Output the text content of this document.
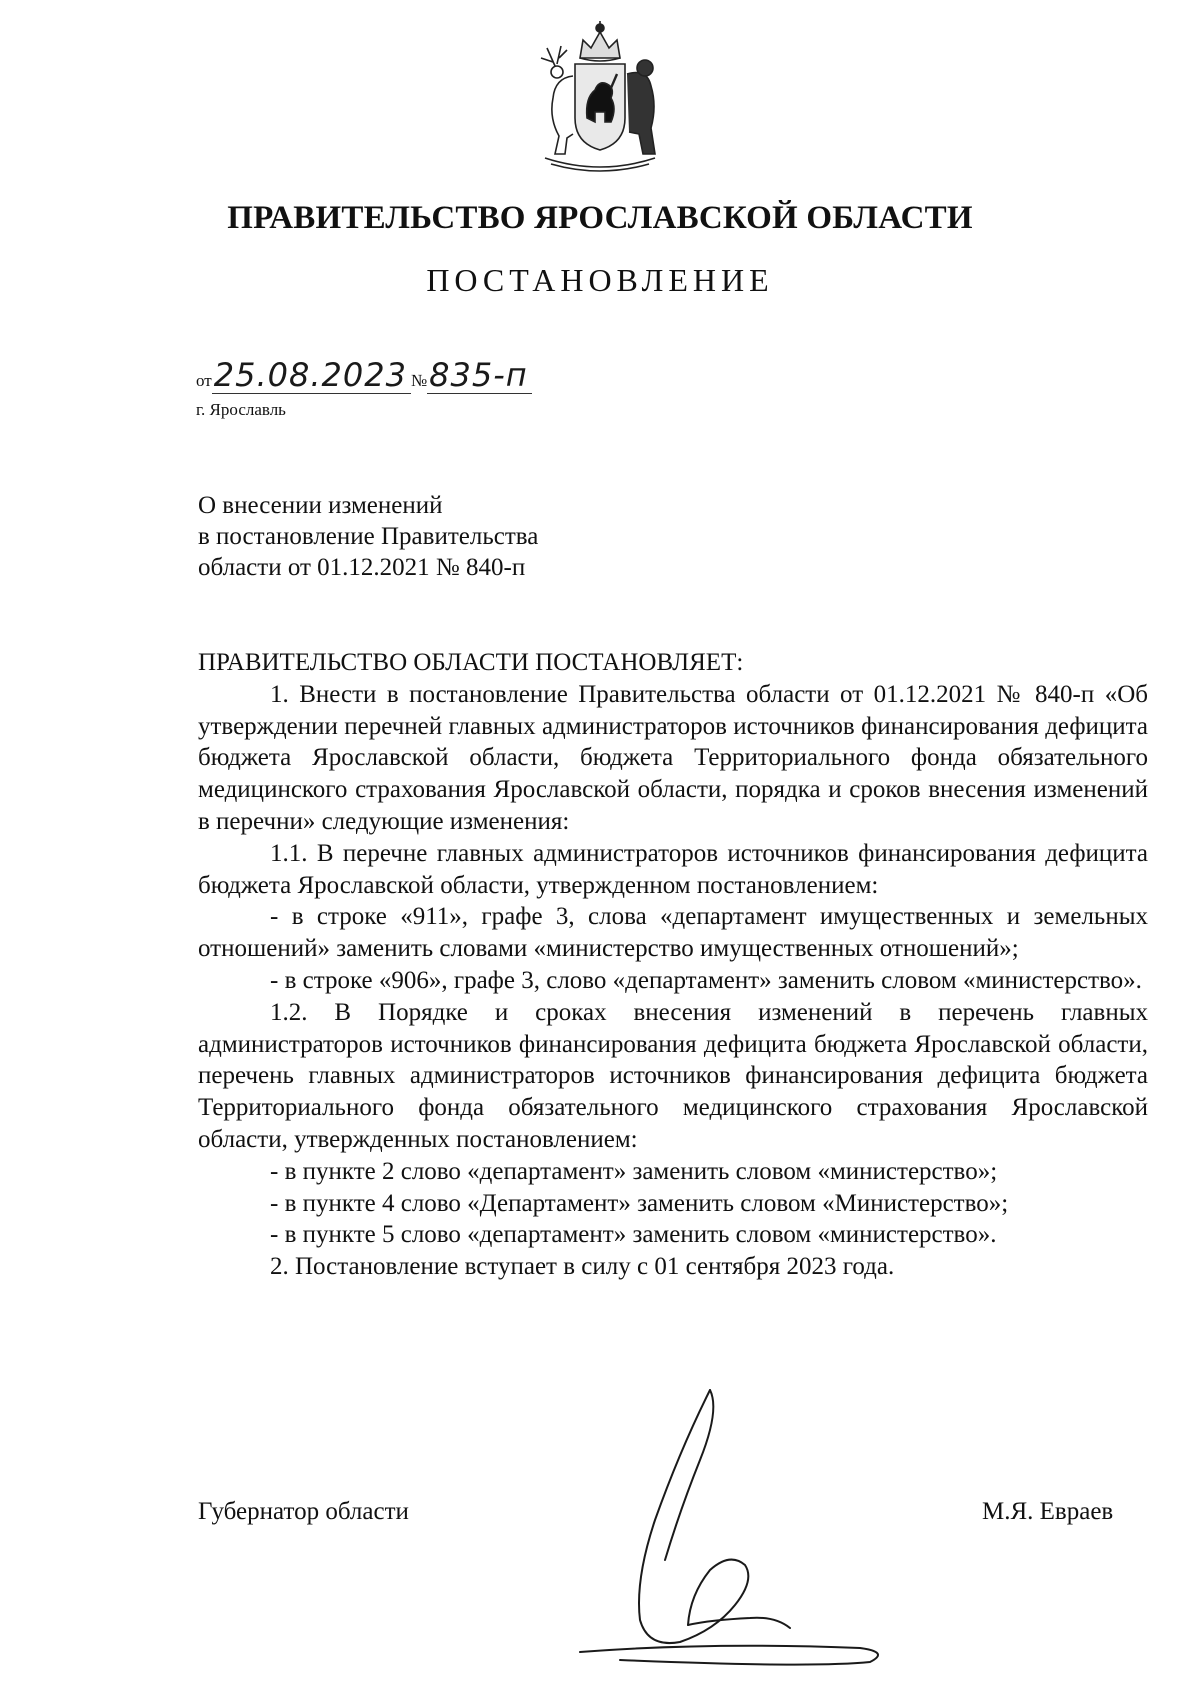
ПРАВИТЕЛЬСТВО ЯРОСЛАВСКОЙ ОБЛАСТИ
ПОСТАНОВЛЕНИЕ
от 25.08.2023 № 835-п
г. Ярославль
О внесении изменений
в постановление Правительства
области от 01.12.2021 № 840-п

ПРАВИТЕЛЬСТВО ОБЛАСТИ ПОСТАНОВЛЯЕТ:

1. Внести в постановление Правительства области от 01.12.2021 № 840-п «Об утверждении перечней главных администраторов источников финансирования дефицита бюджета Ярославской области, бюджета Территориального фонда обязательного медицинского страхования Ярославской области, порядка и сроков внесения изменений в перечни» следующие изменения:

1.1. В перечне главных администраторов источников финансирования дефицита бюджета Ярославской области, утвержденном постановлением:

- в строке «911», графе 3, слова «департамент имущественных и земельных отношений» заменить словами «министерство имущественных отношений»;

- в строке «906», графе 3, слово «департамент» заменить словом «министерство».

1.2. В Порядке и сроках внесения изменений в перечень главных администраторов источников финансирования дефицита бюджета Ярославской области, перечень главных администраторов источников финансирования дефицита бюджета Территориального фонда обязательного медицинского страхования Ярославской области, утвержденных постановлением:

- в пункте 2 слово «департамент» заменить словом «министерство»;

- в пункте 4 слово «Департамент» заменить словом «Министерство»;

- в пункте 5 слово «департамент» заменить словом «министерство».

2. Постановление вступает в силу с 01 сентября 2023 года.

Губернатор области	М.Я. Евраев
